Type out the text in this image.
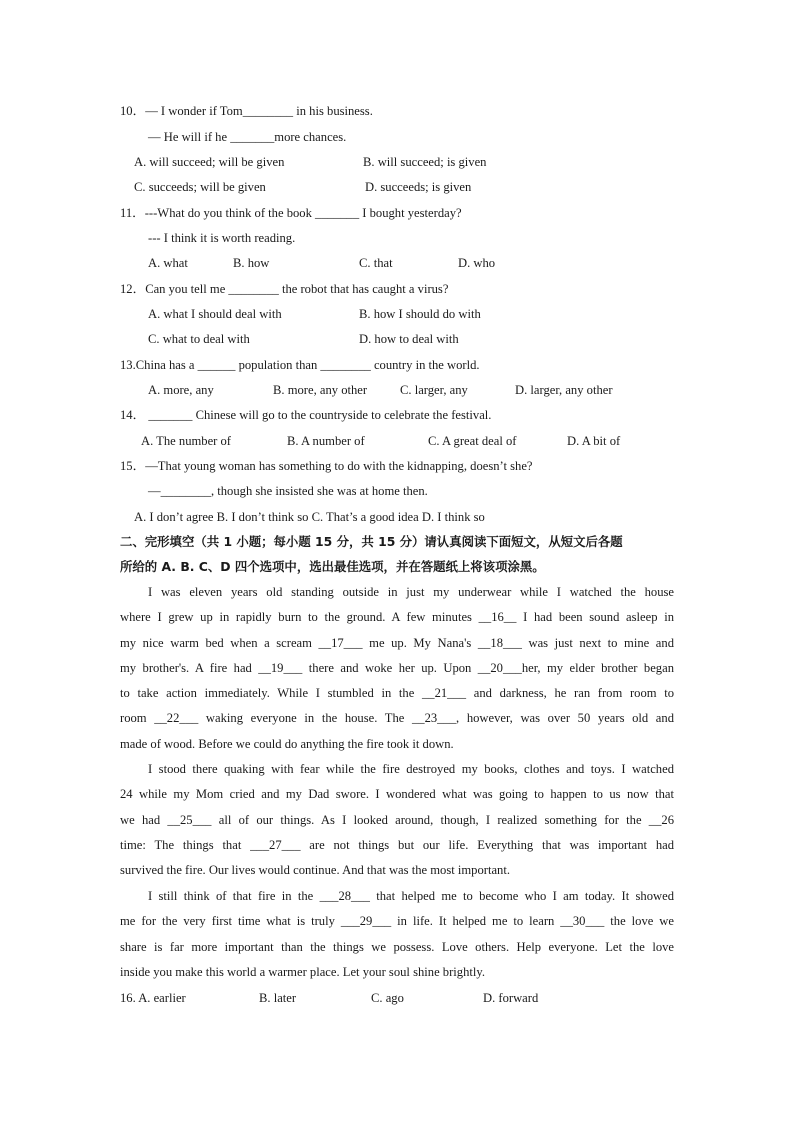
10．— I wonder if Tom________ in his business.
— He will if he _______more chances.
A. will succeed; will be given	B. will succeed; is given
C. succeeds; will be given	D. succeeds; is given
11．---What do you think of the book _______ I bought yesterday?
--- I think it is worth reading.
A. what	B. how	C. that	D. who
12．Can you tell me ________ the robot that has caught a virus?
A. what I should deal with	B. how I should do with
C. what to deal with	D. how to deal with
13.China has a ______ population than ________ country in the world.
A. more, any	B. more, any other	C. larger, any	D. larger, any other
14． _______ Chinese will go to the countryside to celebrate the festival.
A. The number of	B. A number of	C. A great deal of	D. A bit of
15．—That young woman has something to do with the kidnapping, doesn’t she?
—________, though she insisted she was at home then.
A. I don’t agree B. I don’t think so C. That’s a good idea D. I think so
二、完形填空（共 1 小题；每小题 15 分，共 15 分）请认真阅读下面短文，从短文后各题
所给的 A. B. C、D 四个选项中，选出最佳选项，并在答题纸上将该项涂黑。
I was eleven years old standing outside in just my underwear while I watched the house
where I grew up in rapidly burn to the ground. A few minutes __16__ I had been sound asleep in
my nice warm bed when a scream __17___ me up. My Nana's __18___ was just next to mine and
my brother's. A fire had __19___ there and woke her up. Upon __20___her, my elder brother began
to take action immediately. While I stumbled in the __21___ and darkness, he ran from room to
room __22___ waking everyone in the house. The __23___, however, was over 50 years old and
made of wood. Before we could do anything the fire took it down.
I stood there quaking with fear while the fire destroyed my books, clothes and toys. I watched
24 while my Mom cried and my Dad swore. I wondered what was going to happen to us now that
we had __25___ all of our things. As I looked around, though, I realized something for the __26
time: The things that ___27___ are not things but our life. Everything that was important had
survived the fire. Our lives would continue. And that was the most important.
I still think of that fire in the ___28___ that helped me to become who I am today. It showed
me for the very first time what is truly ___29___ in life. It helped me to learn __30___ the love we
share is far more important than the things we possess. Love others. Help everyone. Let the love
inside you make this world a warmer place. Let your soul shine brightly.
16. A. earlier	B. later	C. ago	D. forward
